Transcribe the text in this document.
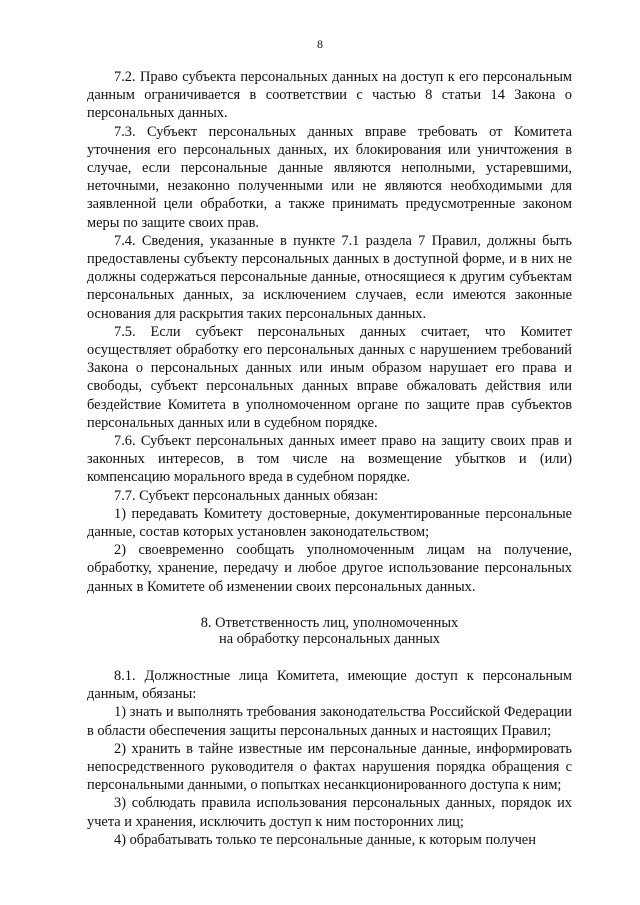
8

7.2. Право субъекта персональных данных на доступ к его персональным данным ограничивается в соответствии с частью 8 статьи 14 Закона о персональных данных.

7.3. Субъект персональных данных вправе требовать от Комитета уточнения его персональных данных, их блокирования или уничтожения в случае, если персональные данные являются неполными, устаревшими, неточными, незаконно полученными или не являются необходимыми для заявленной цели обработки, а также принимать предусмотренные законом меры по защите своих прав.

7.4. Сведения, указанные в пункте 7.1 раздела 7 Правил, должны быть предоставлены субъекту персональных данных в доступной форме, и в них не должны содержаться персональные данные, относящиеся к другим субъектам персональных данных, за исключением случаев, если имеются законные основания для раскрытия таких персональных данных.

7.5. Если субъект персональных данных считает, что Комитет осуществляет обработку его персональных данных с нарушением требований Закона о персональных данных или иным образом нарушает его права и свободы, субъект персональных данных вправе обжаловать действия или бездействие Комитета в уполномоченном органе по защите прав субъектов персональных данных или в судебном порядке.

7.6. Субъект персональных данных имеет право на защиту своих прав и законных интересов, в том числе на возмещение убытков и (или) компенсацию морального вреда в судебном порядке.

7.7. Субъект персональных данных обязан:

1) передавать Комитету достоверные, документированные персональные данные, состав которых установлен законодательством;

2) своевременно сообщать уполномоченным лицам на получение, обработку, хранение, передачу и любое другое использование персональных данных в Комитете об изменении своих персональных данных.

8. Ответственность лиц, уполномоченных
на обработку персональных данных

8.1. Должностные лица Комитета, имеющие доступ к персональным данным, обязаны:

1) знать и выполнять требования законодательства Российской Федерации в области обеспечения защиты персональных данных и настоящих Правил;

2) хранить в тайне известные им персональные данные, информировать непосредственного руководителя о фактах нарушения порядка обращения с персональными данными, о попытках несанкционированного доступа к ним;

3) соблюдать правила использования персональных данных, порядок их учета и хранения, исключить доступ к ним посторонних лиц;

4) обрабатывать только те персональные данные, к которым получен
